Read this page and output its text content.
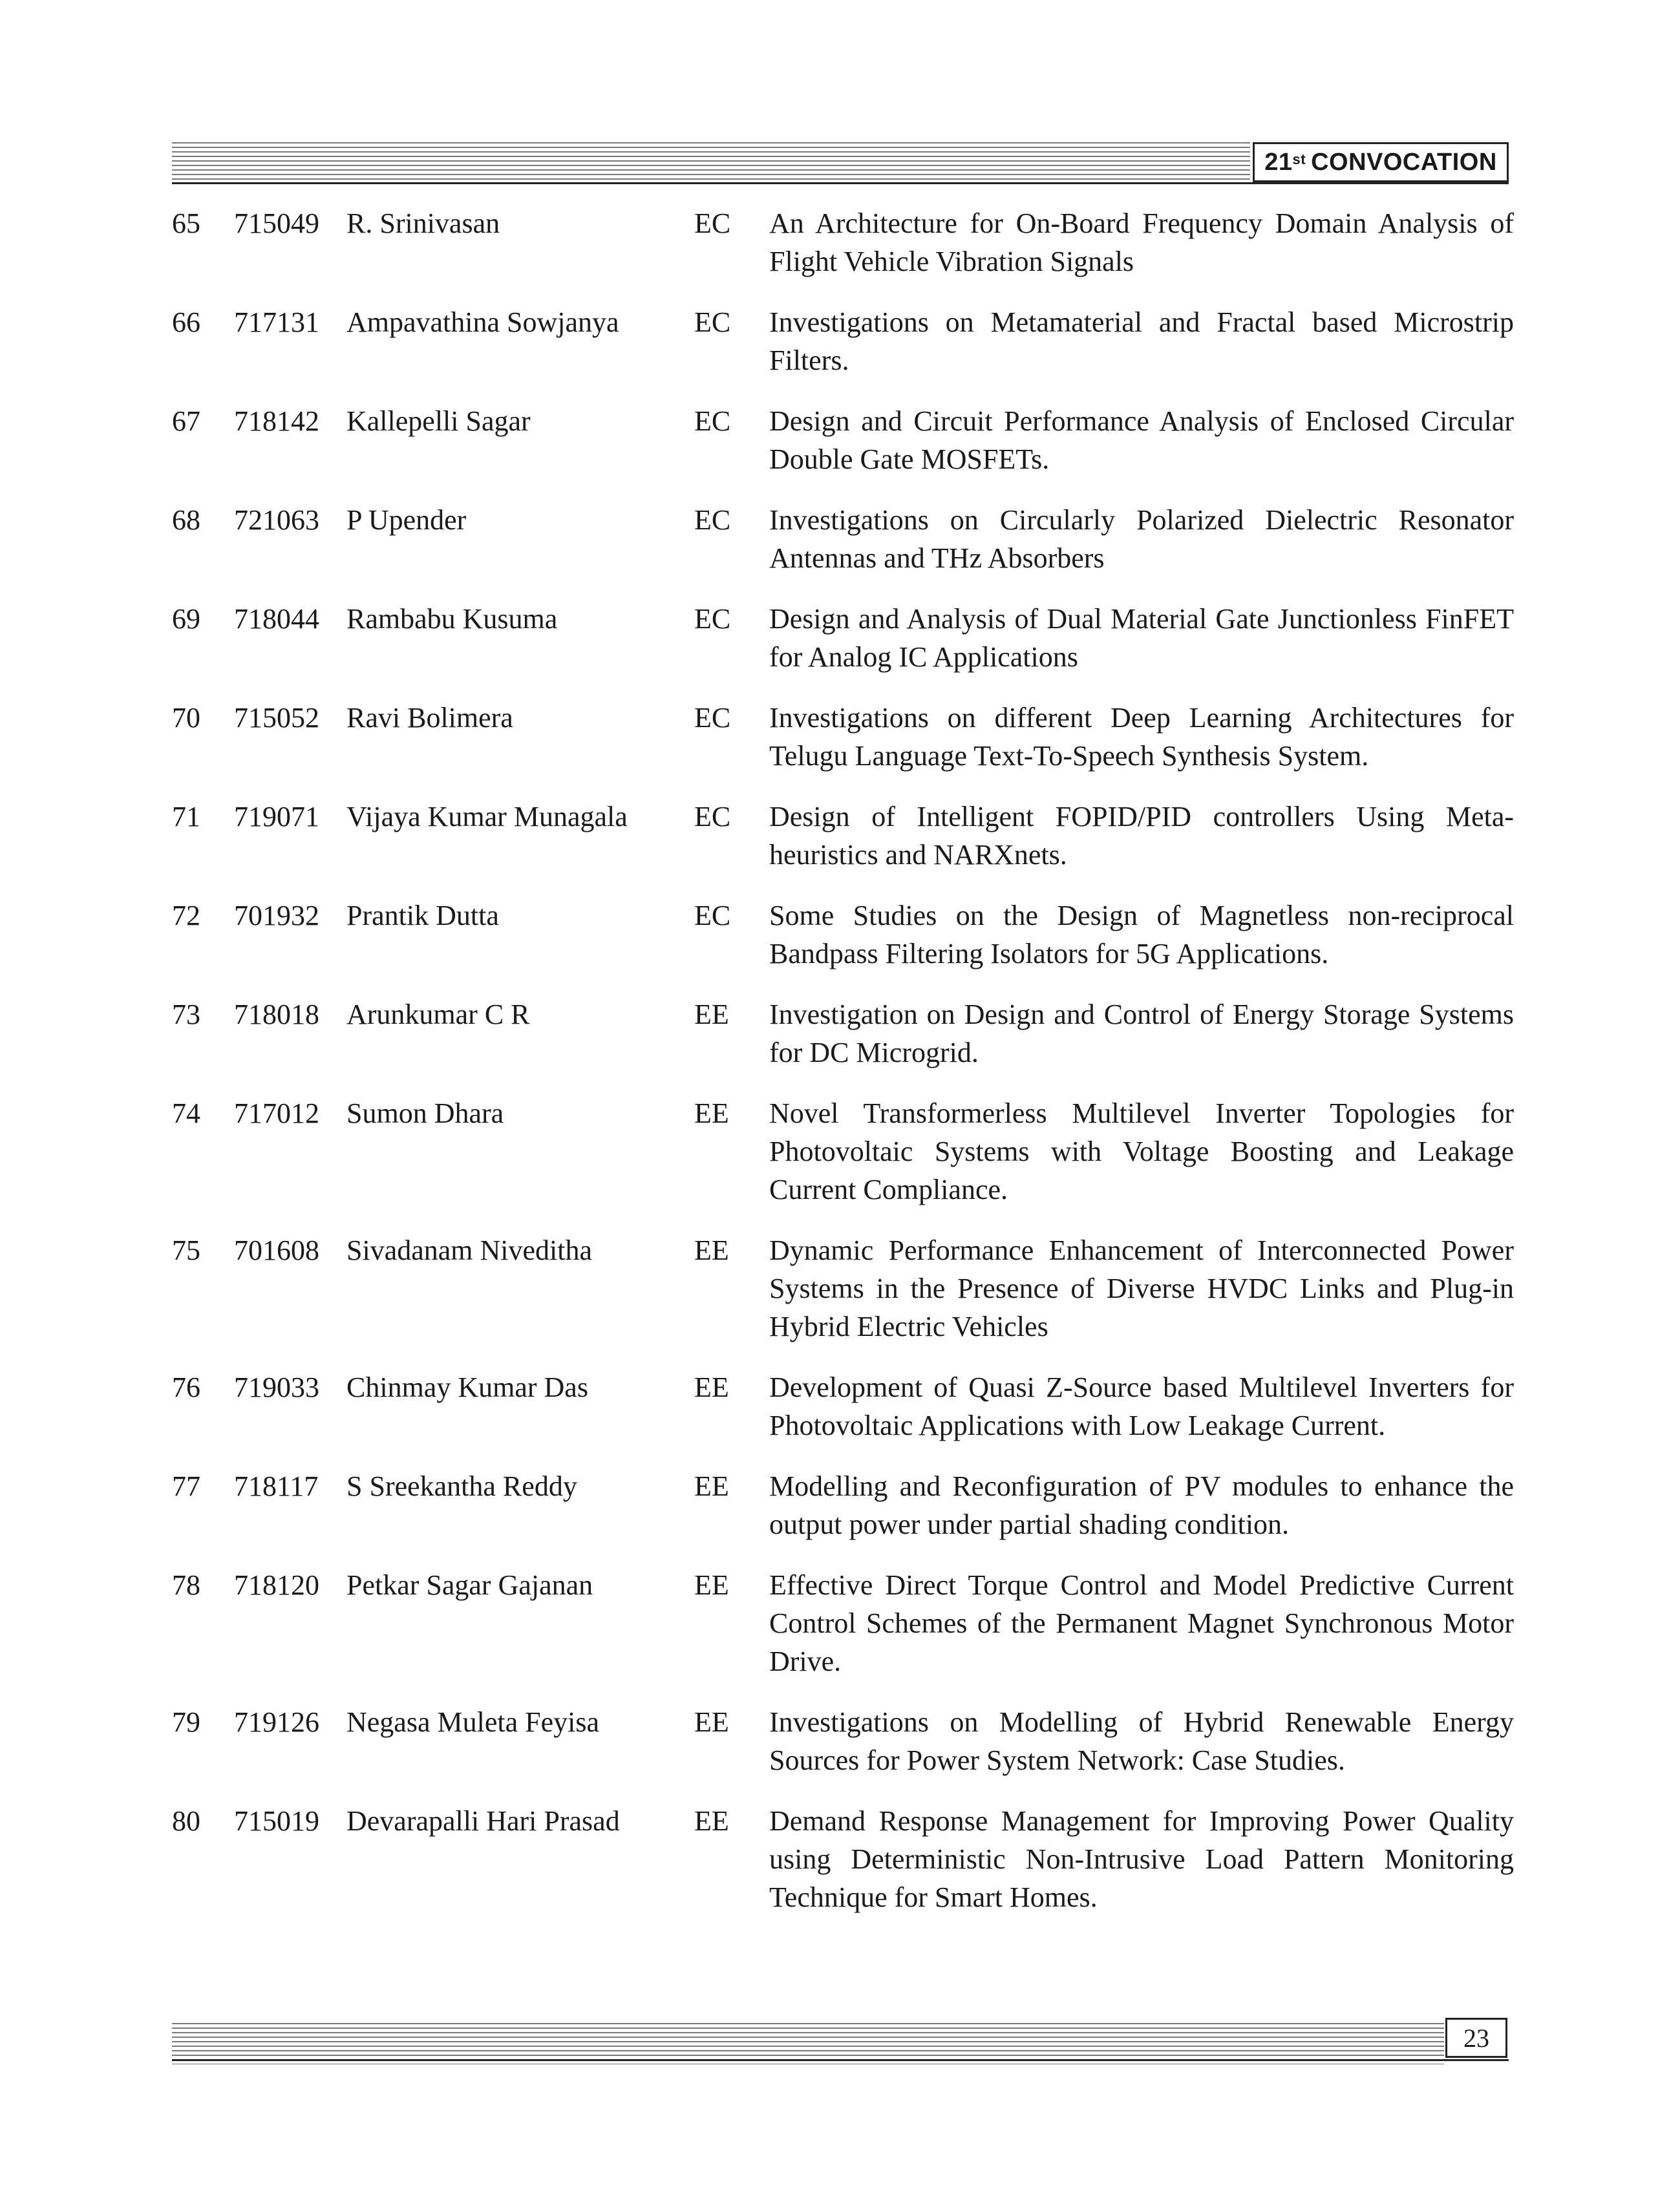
21st CONVOCATION
65	715049 R. Srinivasan	EC	An Architecture for On-Board Frequency Domain Analysis of Flight Vehicle Vibration Signals
66	717131 Ampavathina Sowjanya	EC	Investigations on Metamaterial and Fractal based Microstrip Filters.
67	718142 Kallepelli Sagar	EC	Design and Circuit Performance Analysis of Enclosed Circular Double Gate MOSFETs.
68	721063 P Upender	EC	Investigations on Circularly Polarized Dielectric Resonator Antennas and THz Absorbers
69	718044 Rambabu Kusuma	EC	Design and Analysis of Dual Material Gate Junctionless FinFET for Analog IC Applications
70	715052 Ravi Bolimera	EC	Investigations on different Deep Learning Architectures for Telugu Language Text-To-Speech Synthesis System.
71	719071 Vijaya Kumar Munagala	EC	Design of Intelligent FOPID/PID controllers Using Meta-heuristics and NARXnets.
72	701932 Prantik Dutta	EC	Some Studies on the Design of Magnetless non-reciprocal Bandpass Filtering Isolators for 5G Applications.
73	718018 Arunkumar C R	EE	Investigation on Design and Control of Energy Storage Systems for DC Microgrid.
74	717012 Sumon Dhara	EE	Novel Transformerless Multilevel Inverter Topologies for Photovoltaic Systems with Voltage Boosting and Leakage Current Compliance.
75	701608 Sivadanam Niveditha	EE	Dynamic Performance Enhancement of Interconnected Power Systems in the Presence of Diverse HVDC Links and Plug-in Hybrid Electric Vehicles
76	719033 Chinmay Kumar Das	EE	Development of Quasi Z-Source based Multilevel Inverters for Photovoltaic Applications with Low Leakage Current.
77	718117 S Sreekantha Reddy	EE	Modelling and Reconfiguration of PV modules to enhance the output power under partial shading condition.
78	718120 Petkar Sagar Gajanan	EE	Effective Direct Torque Control and Model Predictive Current Control Schemes of the Permanent Magnet Synchronous Motor Drive.
79	719126 Negasa Muleta Feyisa	EE	Investigations on Modelling of Hybrid Renewable Energy Sources for Power System Network: Case Studies.
80	715019 Devarapalli Hari Prasad	EE	Demand Response Management for Improving Power Quality using Deterministic Non-Intrusive Load Pattern Monitoring Technique for Smart Homes.
23
